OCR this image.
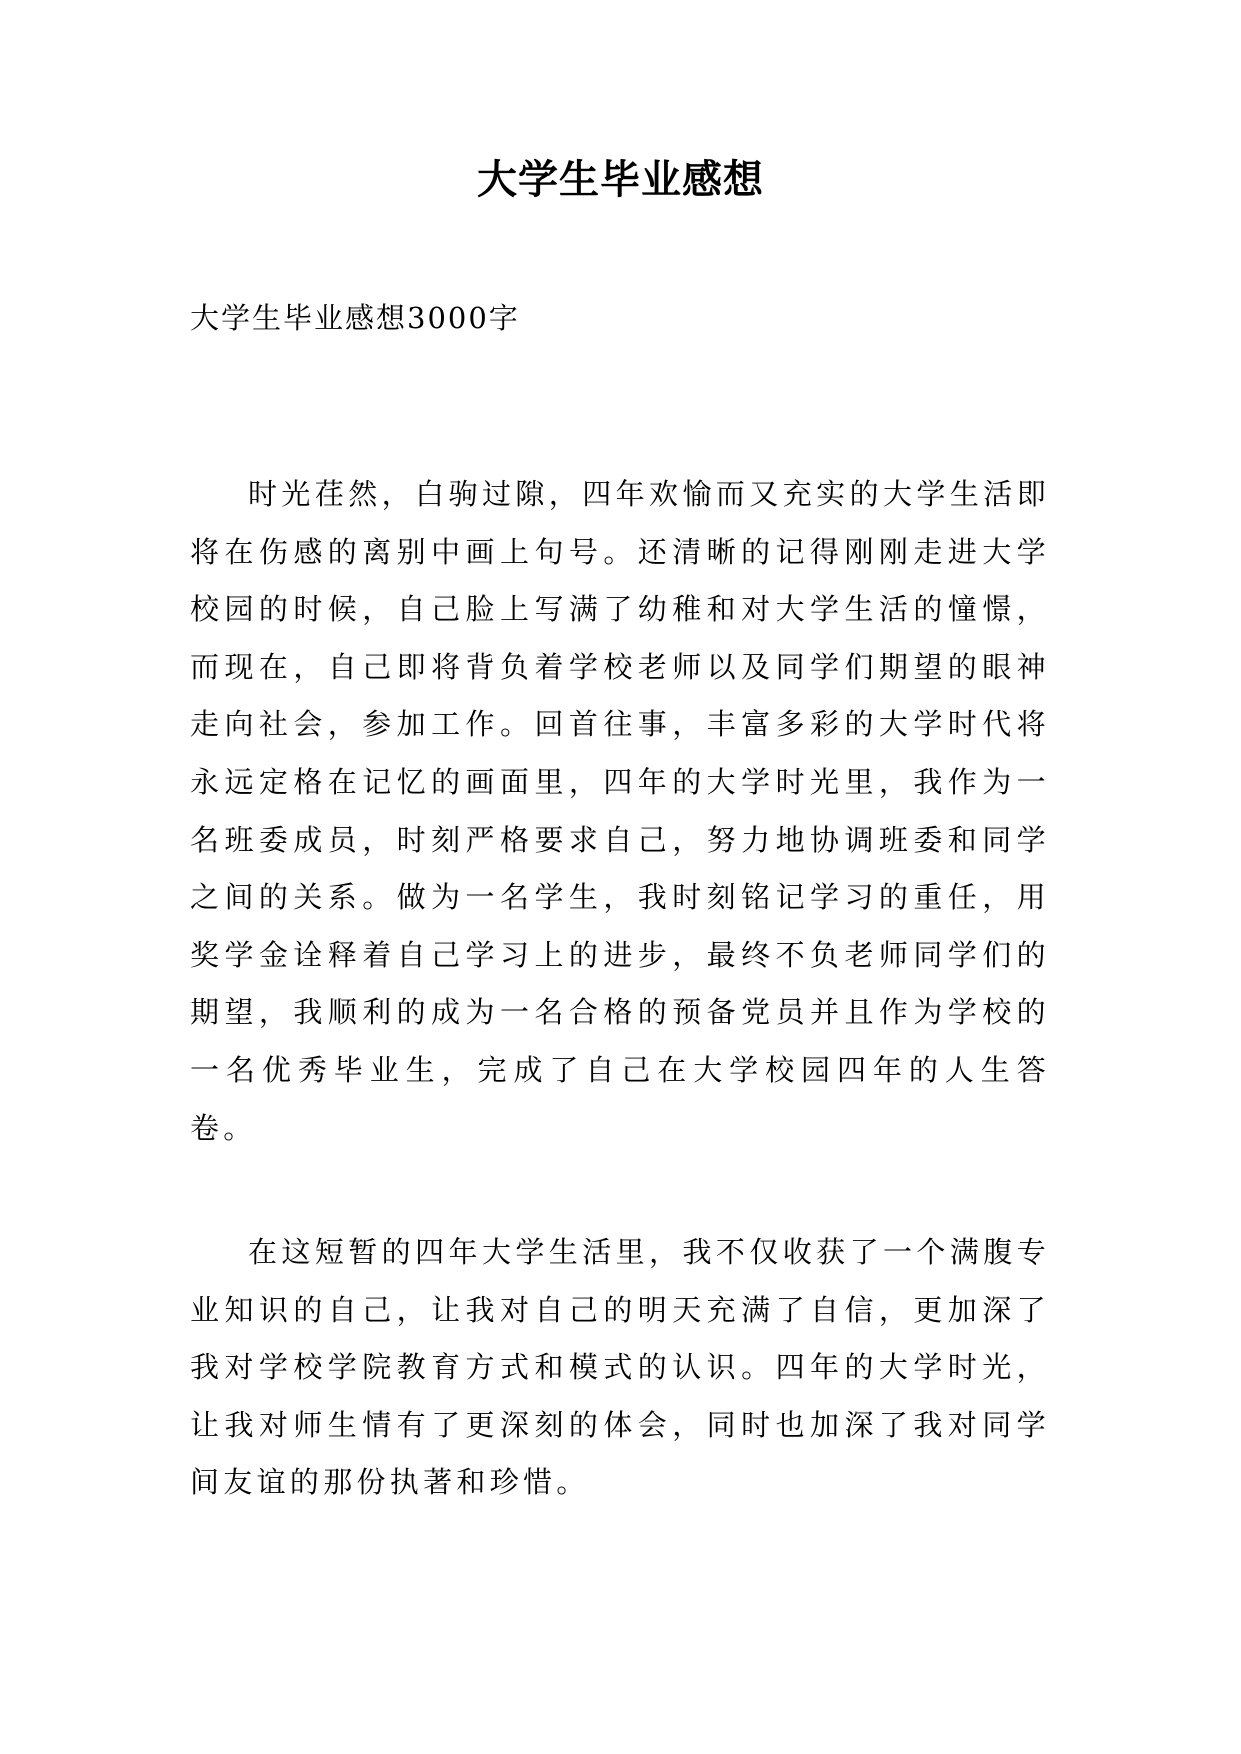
大学生毕业感想
大学生毕业感想3000字

时光荏然，白驹过隙，四年欢愉而又充实的大学生活即将在伤感的离别中画上句号。还清晰的记得刚刚走进大学校园的时候，自己脸上写满了幼稚和对大学生活的憧憬，而现在，自己即将背负着学校老师以及同学们期望的眼神走向社会，参加工作。回首往事，丰富多彩的大学时代将永远定格在记忆的画面里，四年的大学时光里，我作为一名班委成员，时刻严格要求自己，努力地协调班委和同学之间的关系。做为一名学生，我时刻铭记学习的重任，用奖学金诠释着自己学习上的进步，最终不负老师同学们的期望，我顺利的成为一名合格的预备党员并且作为学校的一名优秀毕业生，完成了自己在大学校园四年的人生答卷。

在这短暂的四年大学生活里，我不仅收获了一个满腹专业知识的自己，让我对自己的明天充满了自信，更加深了我对学校学院教育方式和模式的认识。四年的大学时光，让我对师生情有了更深刻的体会，同时也加深了我对同学间友谊的那份执著和珍惜。
